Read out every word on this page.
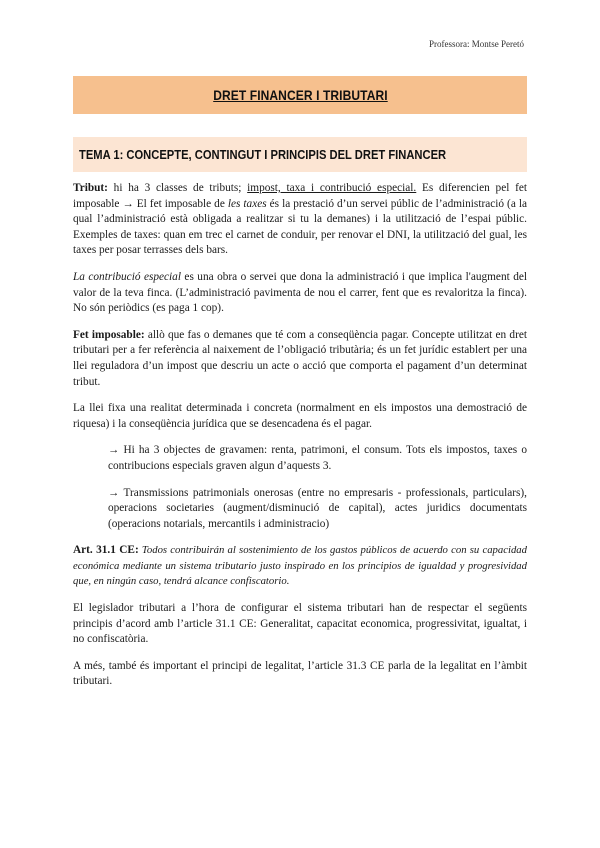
Professora: Montse Peretó
DRET FINANCER I TRIBUTARI
TEMA 1: CONCEPTE, CONTINGUT I PRINCIPIS DEL DRET FINANCER

Tribut: hi ha 3 classes de tributs; impost, taxa i contribució especial. Es diferencien pel fet imposable → El fet imposable de les taxes és la prestació d’un servei públic de l’administració (a la qual l’administració està obligada a realitzar si tu la demanes) i la utilització de l’espai públic. Exemples de taxes: quan em trec el carnet de conduir, per renovar el DNI, la utilització del gual, les taxes per posar terrasses dels bars.

La contribució especial es una obra o servei que dona la administració i que implica l'augment del valor de la teva finca. (L’administració pavimenta de nou el carrer, fent que es revaloritza la finca). No són periòdics (es paga 1 cop).

Fet imposable: allò que fas o demanes que té com a conseqüència pagar. Concepte utilitzat en dret tributari per a fer referència al naixement de l’obligació tributària; és un fet jurídic establert per una llei reguladora d’un impost que descriu un acte o acció que comporta el pagament d’un determinat tribut.

La llei fixa una realitat determinada i concreta (normalment en els impostos una demostració de riquesa) i la conseqüència jurídica que se desencadena és el pagar.

→ Hi ha 3 objectes de gravamen: renta, patrimoni, el consum. Tots els impostos, taxes o contribucions especials graven algun d’aquests 3.

→ Transmissions patrimonials onerosas (entre no empresaris - professionals, particulars), operacions societaries (augment/disminució de capital), actes juridics documentats (operacions notarials, mercantils i administracio)

Art. 31.1 CE: Todos contribuirán al sostenimiento de los gastos públicos de acuerdo con su capacidad económica mediante un sistema tributario justo inspirado en los principios de igualdad y progresividad que, en ningún caso, tendrá alcance confiscatorio.

El legislador tributari a l’hora de configurar el sistema tributari han de respectar el següents principis d’acord amb l’article 31.1 CE: Generalitat, capacitat economica, progressivitat, igualtat, i no confiscatòria.

A més, també és important el principi de legalitat, l’article 31.3 CE parla de la legalitat en l’àmbit tributari.
